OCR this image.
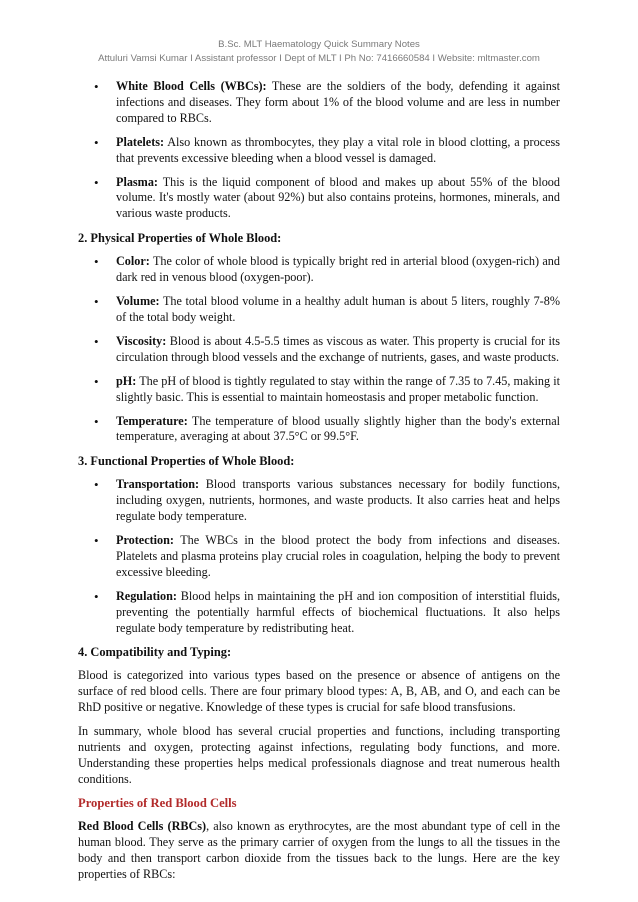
B.Sc. MLT Haematology Quick Summary Notes
Attuluri Vamsi Kumar I Assistant professor I Dept of MLT I Ph No: 7416660584 I Website: mltmaster.com
• White Blood Cells (WBCs): These are the soldiers of the body, defending it against infections and diseases. They form about 1% of the blood volume and are less in number compared to RBCs.
• Platelets: Also known as thrombocytes, they play a vital role in blood clotting, a process that prevents excessive bleeding when a blood vessel is damaged.
• Plasma: This is the liquid component of blood and makes up about 55% of the blood volume. It's mostly water (about 92%) but also contains proteins, hormones, minerals, and various waste products.
2. Physical Properties of Whole Blood:
• Color: The color of whole blood is typically bright red in arterial blood (oxygen-rich) and dark red in venous blood (oxygen-poor).
• Volume: The total blood volume in a healthy adult human is about 5 liters, roughly 7-8% of the total body weight.
• Viscosity: Blood is about 4.5-5.5 times as viscous as water. This property is crucial for its circulation through blood vessels and the exchange of nutrients, gases, and waste products.
• pH: The pH of blood is tightly regulated to stay within the range of 7.35 to 7.45, making it slightly basic. This is essential to maintain homeostasis and proper metabolic function.
• Temperature: The temperature of blood usually slightly higher than the body's external temperature, averaging at about 37.5°C or 99.5°F.
3. Functional Properties of Whole Blood:
• Transportation: Blood transports various substances necessary for bodily functions, including oxygen, nutrients, hormones, and waste products. It also carries heat and helps regulate body temperature.
• Protection: The WBCs in the blood protect the body from infections and diseases. Platelets and plasma proteins play crucial roles in coagulation, helping the body to prevent excessive bleeding.
• Regulation: Blood helps in maintaining the pH and ion composition of interstitial fluids, preventing the potentially harmful effects of biochemical fluctuations. It also helps regulate body temperature by redistributing heat.
4. Compatibility and Typing:

Blood is categorized into various types based on the presence or absence of antigens on the surface of red blood cells. There are four primary blood types: A, B, AB, and O, and each can be RhD positive or negative. Knowledge of these types is crucial for safe blood transfusions.

In summary, whole blood has several crucial properties and functions, including transporting nutrients and oxygen, protecting against infections, regulating body functions, and more. Understanding these properties helps medical professionals diagnose and treat numerous health conditions.

Properties of Red Blood Cells

Red Blood Cells (RBCs), also known as erythrocytes, are the most abundant type of cell in the human blood. They serve as the primary carrier of oxygen from the lungs to all the tissues in the body and then transport carbon dioxide from the tissues back to the lungs. Here are the key properties of RBCs:
